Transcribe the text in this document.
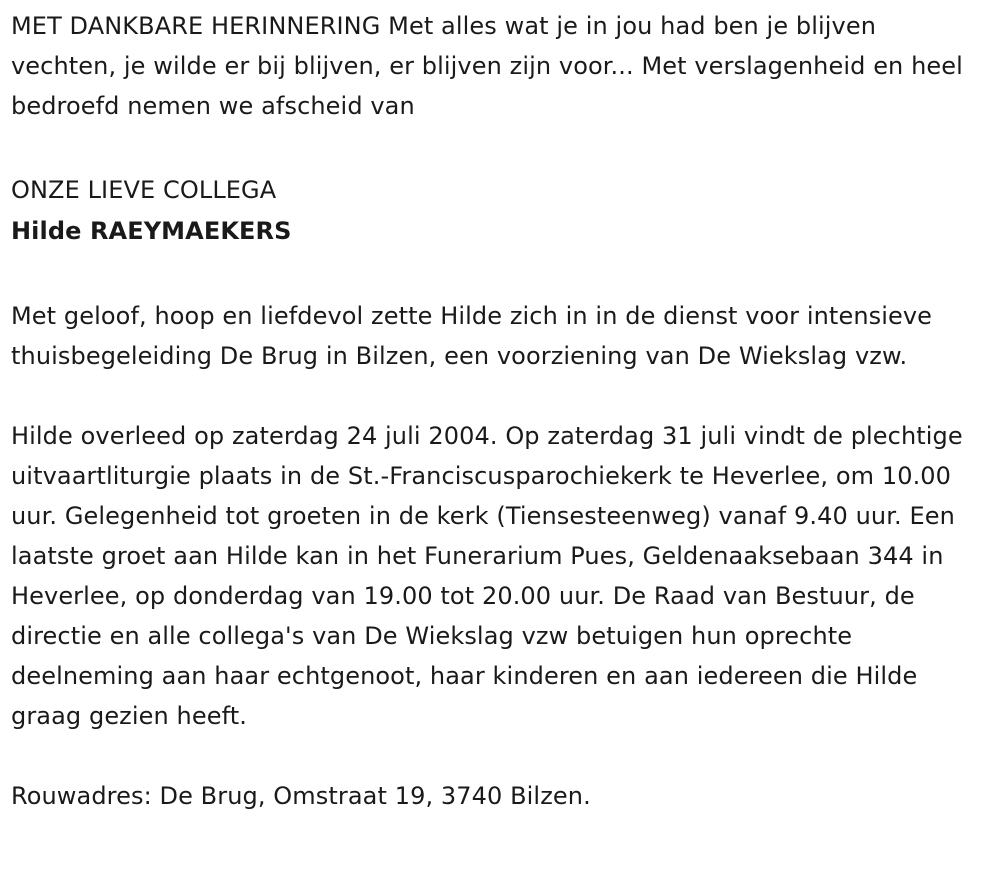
MET DANKBARE HERINNERING Met alles wat je in jou had ben je blijven vechten, je wilde er bij blijven, er blijven zijn voor... Met verslagenheid en heel bedroefd nemen we afscheid van

ONZE LIEVE COLLEGA

Hilde RAEYMAEKERS

Met geloof, hoop en liefdevol zette Hilde zich in in de dienst voor intensieve thuisbegeleiding De Brug in Bilzen, een voorziening van De Wiekslag vzw.

Hilde overleed op zaterdag 24 juli 2004. Op zaterdag 31 juli vindt de plechtige uitvaartliturgie plaats in de St.-Franciscusparochiekerk te Heverlee, om 10.00 uur. Gelegenheid tot groeten in de kerk (Tiensesteenweg) vanaf 9.40 uur. Een laatste groet aan Hilde kan in het Funerarium Pues, Geldenaaksebaan 344 in Heverlee, op donderdag van 19.00 tot 20.00 uur. De Raad van Bestuur, de directie en alle collega's van De Wiekslag vzw betuigen hun oprechte deelneming aan haar echtgenoot, haar kinderen en aan iedereen die Hilde graag gezien heeft.

Rouwadres: De Brug, Omstraat 19, 3740 Bilzen.
